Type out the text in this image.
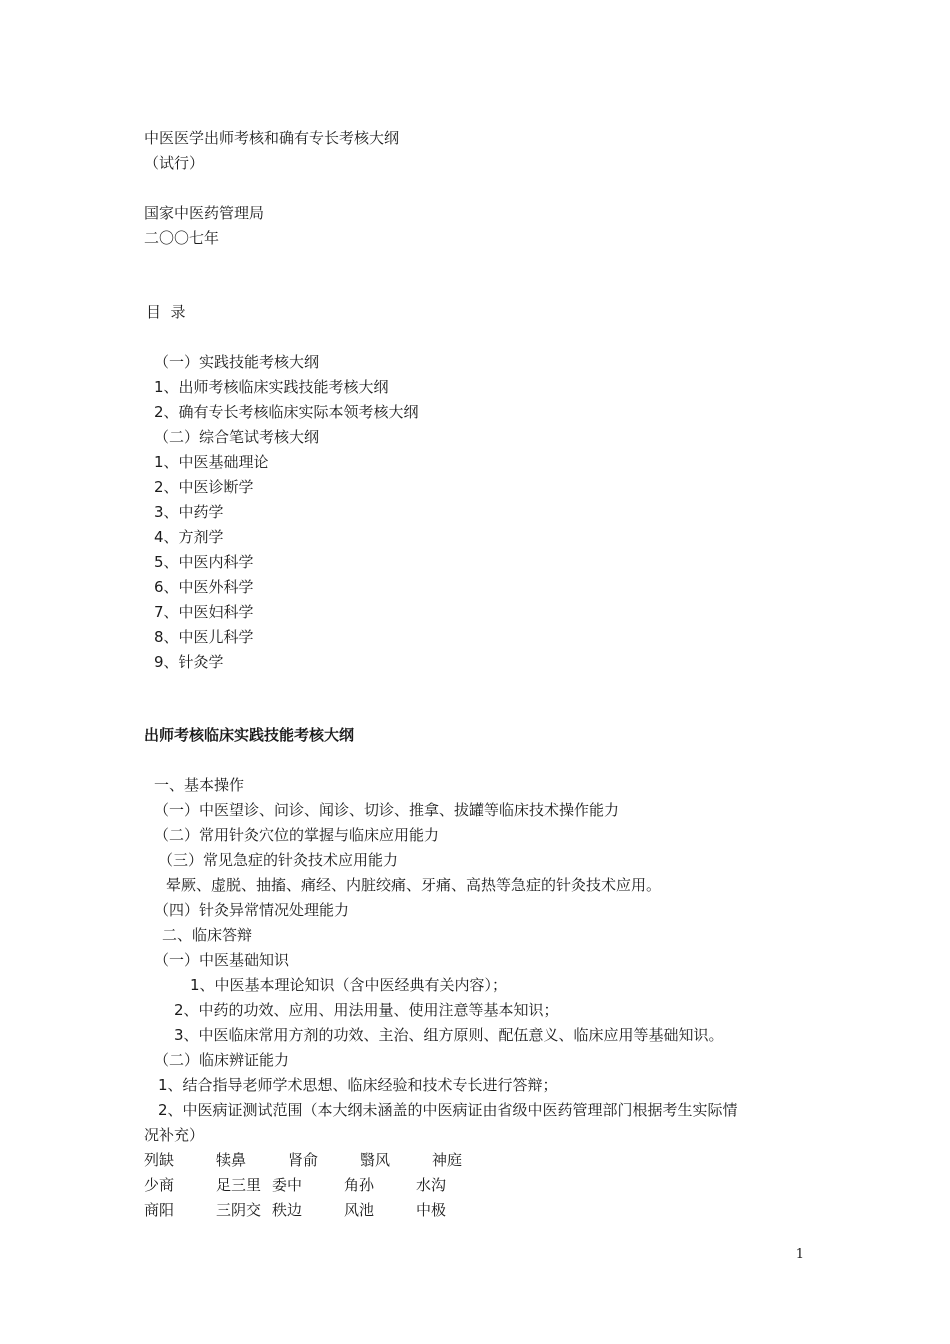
中医医学出师考核和确有专长考核大纲
（试行）
国家中医药管理局
二〇〇七年
目  录
（一）实践技能考核大纲
1、出师考核临床实践技能考核大纲
2、确有专长考核临床实际本领考核大纲
（二）综合笔试考核大纲
1、中医基础理论
2、中医诊断学
3、中药学
4、方剂学
5、中医内科学
6、中医外科学
7、中医妇科学
8、中医儿科学
9、针灸学
出师考核临床实践技能考核大纲
一、基本操作
（一）中医望诊、问诊、闻诊、切诊、推拿、拔罐等临床技术操作能力
（二）常用针灸穴位的掌握与临床应用能力
（三）常见急症的针灸技术应用能力
晕厥、虚脱、抽搐、痛经、内脏绞痛、牙痛、高热等急症的针灸技术应用。
（四）针灸异常情况处理能力
二、临床答辩
（一）中医基础知识
1、中医基本理论知识（含中医经典有关内容）；
2、中药的功效、应用、用法用量、使用注意等基本知识；
3、中医临床常用方剂的功效、主治、组方原则、配伍意义、临床应用等基础知识。
（二）临床辨证能力
1、结合指导老师学术思想、临床经验和技术专长进行答辩；
2、中医病证测试范围（本大纲未涵盖的中医病证由省级中医药管理部门根据考生实际情
况补充）
列缺	犊鼻	肾俞	翳风	神庭
少商	足三里 委中	角孙	水沟
商阳	三阴交 秩边	风池	中极
1
